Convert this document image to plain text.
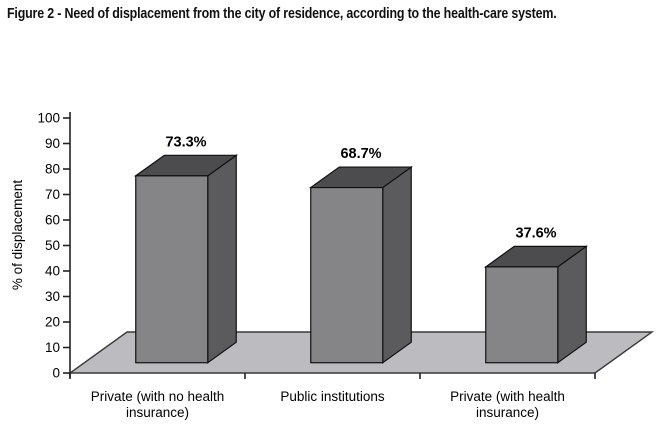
Figure 2 - Need of displacement from the city of residence, according to the health-care system.
0
10
20
30
40
50
60
70
80
90
100
73.3%
68.7%
37.6%
Private (with no health
insurance)
Public institutions	Private (with health
insurance)
% of displacement
